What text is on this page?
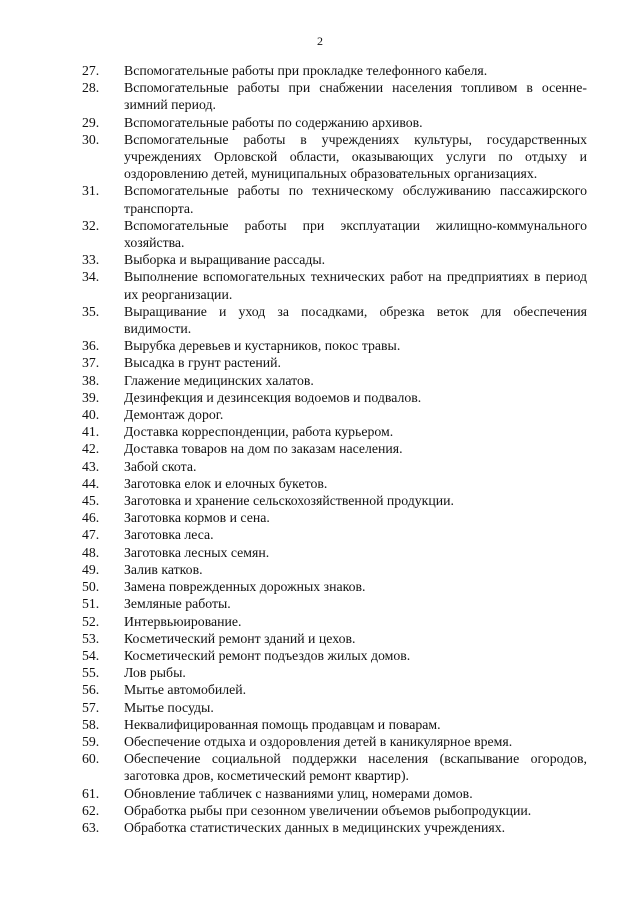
2
27.	Вспомогательные работы при прокладке телефонного кабеля.
28.	Вспомогательные работы при снабжении населения топливом в осенне-зимний период.
29.	Вспомогательные работы по содержанию архивов.
30.	Вспомогательные работы в учреждениях культуры, государственных учреждениях Орловской области, оказывающих услуги по отдыху и оздоровлению детей, муниципальных образовательных организациях.
31.	Вспомогательные работы по техническому обслуживанию пассажирского транспорта.
32.	Вспомогательные работы при эксплуатации жилищно-коммунального хозяйства.
33.	Выборка и выращивание рассады.
34.	Выполнение вспомогательных технических работ на предприятиях в период их реорганизации.
35.	Выращивание и уход за посадками, обрезка веток для обеспечения видимости.
36.	Вырубка деревьев и кустарников, покос травы.
37.	Высадка в грунт растений.
38.	Глажение медицинских халатов.
39.	Дезинфекция и дезинсекция водоемов и подвалов.
40.	Демонтаж дорог.
41.	Доставка корреспонденции, работа курьером.
42.	Доставка товаров на дом по заказам населения.
43.	Забой скота.
44.	Заготовка елок и елочных букетов.
45.	Заготовка и хранение сельскохозяйственной продукции.
46.	Заготовка кормов и сена.
47.	Заготовка леса.
48.	Заготовка лесных семян.
49.	Залив катков.
50.	Замена поврежденных дорожных знаков.
51.	Земляные работы.
52.	Интервьюирование.
53.	Косметический ремонт зданий и цехов.
54.	Косметический ремонт подъездов жилых домов.
55.	Лов рыбы.
56.	Мытье автомобилей.
57.	Мытье посуды.
58.	Неквалифицированная помощь продавцам и поварам.
59.	Обеспечение отдыха и оздоровления детей в каникулярное время.
60.	Обеспечение социальной поддержки населения (вскапывание огородов, заготовка дров, косметический ремонт квартир).
61.	Обновление табличек с названиями улиц, номерами домов.
62.	Обработка рыбы при сезонном увеличении объемов рыбопродукции.
63.	Обработка статистических данных в медицинских учреждениях.
